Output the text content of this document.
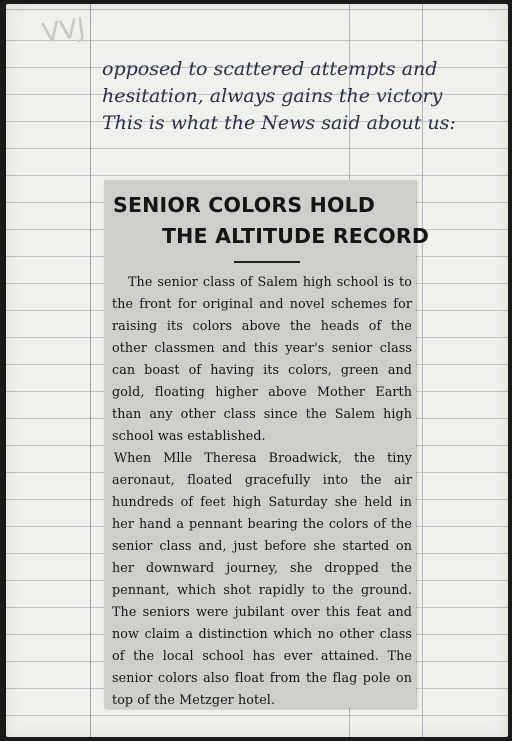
VVJ
opposed to scattered attempts and
hesitation, always gains the victory
This is what the News said about us:
SENIOR COLORS HOLD
THE ALTITUDE RECORD

The senior class of Salem high school is to the front for original and novel schemes for raising its colors above the heads of the other classmen and this year's senior class can boast of having its colors, green and gold, floating higher above Mother Earth than any other class since the Salem high school was established.

When Mlle Theresa Broadwick, the tiny aeronaut, floated gracefully into the air hundreds of feet high Saturday she held in her hand a pennant bearing the colors of the senior class and, just before she started on her downward journey, she dropped the pennant, which shot rapidly to the ground. The seniors were jubilant over this feat and now claim a distinction which no other class of the local school has ever attained. The senior colors also float from the flag pole on top of the Metzger hotel.
